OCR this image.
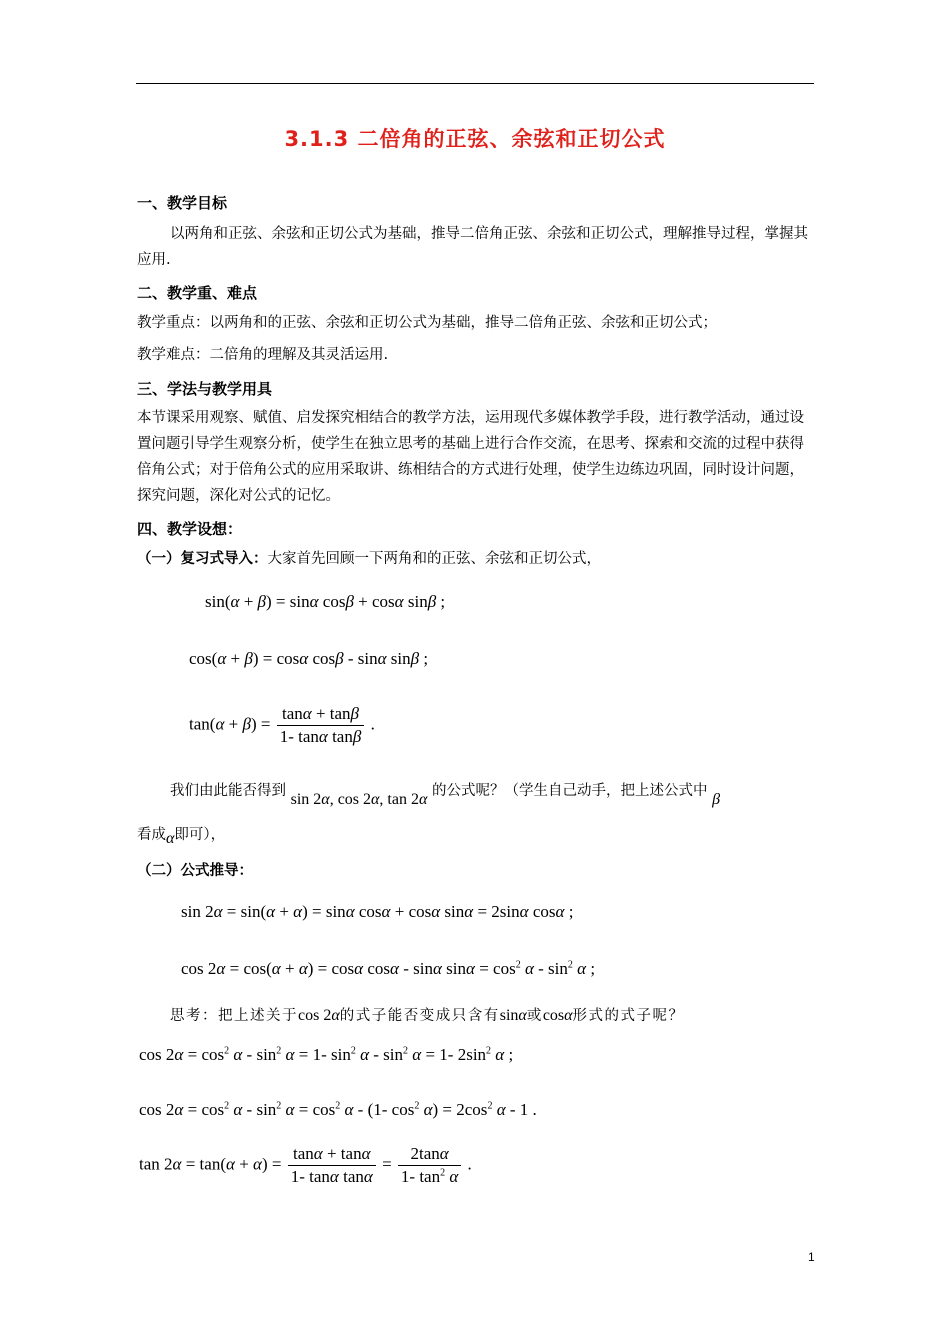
3.1.3 二倍角的正弦、余弦和正切公式
一、教学目标
以两角和正弦、余弦和正切公式为基础，推导二倍角正弦、余弦和正切公式，理解推导过程，掌握其应用.
二、教学重、难点
教学重点：以两角和的正弦、余弦和正切公式为基础，推导二倍角正弦、余弦和正切公式；
教学难点：二倍角的理解及其灵活运用.
三、学法与教学用具
本节课采用观察、赋值、启发探究相结合的教学方法，运用现代多媒体教学手段，进行教学活动，通过设置问题引导学生观察分析，使学生在独立思考的基础上进行合作交流，在思考、探索和交流的过程中获得倍角公式；对于倍角公式的应用采取讲、练相结合的方式进行处理，使学生边练边巩固，同时设计问题，探究问题，深化对公式的记忆。
四、教学设想：
（一）复习式导入：大家首先回顾一下两角和的正弦、余弦和正切公式，
sin(α + β) = sinα cosβ + cosα sinβ ;
cos(α + β) = cosα cosβ - sinα sinβ ;
$\tan(\alpha + \beta) = \frac{\tan\alpha + \tan\beta}{\text{1- tanα tanβ}}$ .
我们由此能否得到 sin 2α, cos 2α, tan 2α 的公式呢？（学生自己动手，把上述公式中 β
看成α即可），
（二）公式推导：
sin 2α = sin(α + α) = sinα cosα + cosα sinα = 2sinα cosα ;
cos 2α = cos(α + α) = cosα cosα - sinα $\sin\alpha = \cos^2 \alpha - \sin^2 \alpha$ ;
思考：把上述关于cos 2α的式子能否变成只含有sinα或cosα形式的式子呢？
$\cos 2\alpha = \cos^2 \alpha - \sin^2 \alpha = 1-$ $\sin^2 \alpha - \sin^2 \alpha = 1-$ $2\sin^2$ α ;
$\cos 2\alpha = \cos^2 \alpha - \sin^2 \alpha = \cos^2 \alpha - (1-$ $\cos^2 \alpha) = 2\cos^2$ α - 1 .
$\tan 2\alpha = \tan(\alpha + \alpha) = \frac{\tan\alpha + \tan\alpha}{\text{1- tanα tanα}} = \frac{2\tan\alpha}{1- \tan^2 \alpha}$ .
1
